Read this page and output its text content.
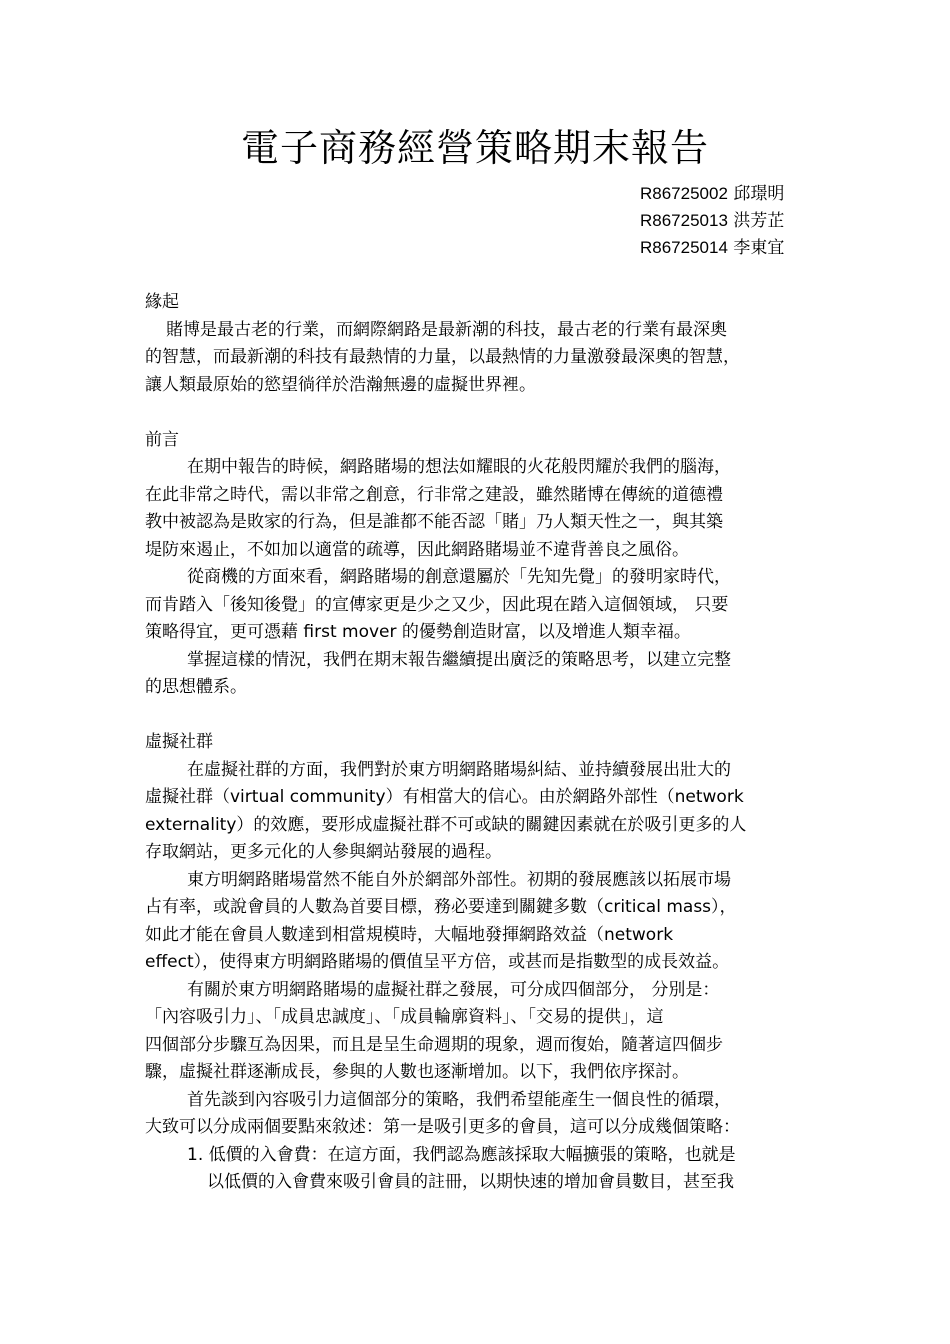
電子商務經營策略期末報告
R86725002 邱璟明
R86725013 洪芳芷
R86725014 李東宜
緣起
賭博是最古老的行業，而網際網路是最新潮的科技，最古老的行業有最深奧
的智慧，而最新潮的科技有最熱情的力量，以最熱情的力量激發最深奧的智慧，
讓人類最原始的慾望徜徉於浩瀚無邊的虛擬世界裡。
前言
在期中報告的時候，網路賭場的想法如耀眼的火花般閃耀於我們的腦海，
在此非常之時代，需以非常之創意，行非常之建設，雖然賭博在傳統的道德禮
教中被認為是敗家的行為，但是誰都不能否認「賭」乃人類天性之一，與其築
堤防來遏止，不如加以適當的疏導，因此網路賭場並不違背善良之風俗。
從商機的方面來看，網路賭場的創意還屬於「先知先覺」的發明家時代，
而肯踏入「後知後覺」的宣傳家更是少之又少，因此現在踏入這個領域， 只要
策略得宜，更可憑藉 first mover 的優勢創造財富，以及增進人類幸福。
掌握這樣的情況，我們在期末報告繼續提出廣泛的策略思考，以建立完整
的思想體系。
虛擬社群
在虛擬社群的方面，我們對於東方明網路賭場糾結、並持續發展出壯大的
虛擬社群（virtual community）有相當大的信心。由於網路外部性（network
externality）的效應，要形成虛擬社群不可或缺的關鍵因素就在於吸引更多的人
存取網站，更多元化的人參與網站發展的過程。
東方明網路賭場當然不能自外於網部外部性。初期的發展應該以拓展市場
占有率，或說會員的人數為首要目標，務必要達到關鍵多數（critical mass），
如此才能在會員人數達到相當規模時，大幅地發揮網路效益（network
effect），使得東方明網路賭場的價值呈平方倍，或甚而是指數型的成長效益。
有關於東方明網路賭場的虛擬社群之發展，可分成四個部分， 分別是：
「內容吸引力」、「成員忠誠度」、「成員輪廓資料」、「交易的提供」，這
四個部分步驟互為因果，而且是呈生命週期的現象，週而復始，隨著這四個步
驟，虛擬社群逐漸成長，參與的人數也逐漸增加。以下，我們依序探討。
首先談到內容吸引力這個部分的策略，我們希望能產生一個良性的循環，
大致可以分成兩個要點來敘述：第一是吸引更多的會員，這可以分成幾個策略：
1. 低價的入會費：在這方面，我們認為應該採取大幅擴張的策略，也就是
以低價的入會費來吸引會員的註冊，以期快速的增加會員數目，甚至我
